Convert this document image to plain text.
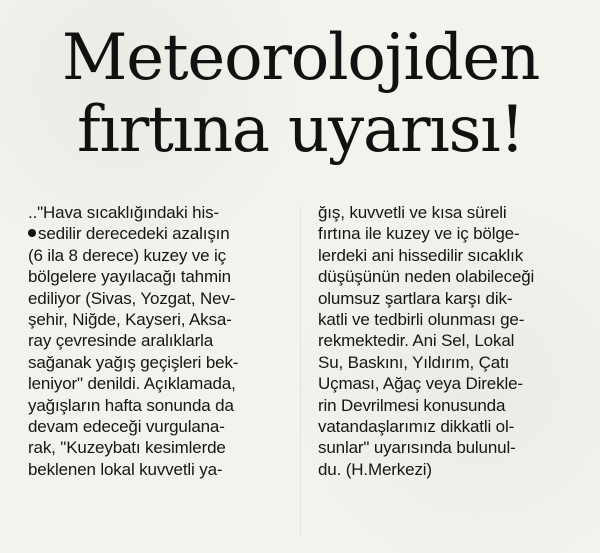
Meteorolojiden
fırtına uyarısı!
.."Hava sıcaklığındaki his-
sedilir derecedeki azalışın
(6 ila 8 derece) kuzey ve iç
bölgelere yayılacağı tahmin
ediliyor (Sivas, Yozgat, Nev-
şehir, Niğde, Kayseri, Aksa-
ray çevresinde aralıklarla
sağanak yağış geçişleri bek-
leniyor" denildi. Açıklamada,
yağışların hafta sonunda da
devam edeceği vurgulana-
rak, "Kuzeybatı kesimlerde
beklenen lokal kuvvetli ya-
ğış, kuvvetli ve kısa süreli
fırtına ile kuzey ve iç bölge-
lerdeki ani hissedilir sıcaklık
düşüşünün neden olabileceği
olumsuz şartlara karşı dik-
katli ve tedbirli olunması ge-
rekmektedir. Ani Sel, Lokal
Su, Baskını, Yıldırım, Çatı
Uçması, Ağaç veya Direkle-
rin Devrilmesi konusunda
vatandaşlarımız dikkatli ol-
sunlar" uyarısında bulunul-
du. (H.Merkezi)
